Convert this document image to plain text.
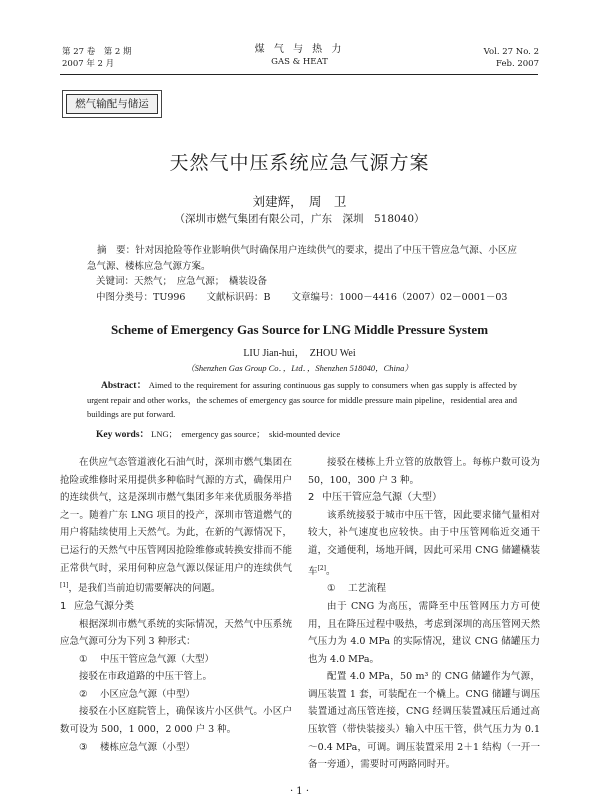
第 27 卷　第 2 期
2007 年 2 月
煤 气 与 热 力
GAS & HEAT
Vol. 27 No. 2
Feb. 2007
燃气输配与储运
天然气中压系统应急气源方案
刘建辉，　周　卫
（深圳市燃气集团有限公司，广东　深圳　518040）
摘　要：针对因抢险等作业影响供气时确保用户连续供气的要求，提出了中压干管应急气源、小区应急气源、楼栋应急气源方案。
关键词：天然气；　应急气源；　橇装设备
中图分类号：TU996 文献标识码：B 文章编号：1000－4416（2007）02－0001－03
Scheme of Emergency Gas Source for LNG Middle Pressure System
LIU Jian-hui，　ZHOU Wei
（Shenzhen Gas Group Co．，Ltd．，Shenzhen 518040，China）
Abstract： Aimed to the requirement for assuring continuous gas supply to consumers when gas supply is affected by urgent repair and other works，the schemes of emergency gas source for middle pressure main pipeline，residential area and buildings are put forward.
Key words： LNG；　emergency gas source；　skid-mounted device

在供应气态管道液化石油气时，深圳市燃气集团在抢险或维修时采用提供多种临时气源的方式，确保用户的连续供气，这是深圳市燃气集团多年来优质服务举措之一。随着广东 LNG 项目的投产，深圳市管道燃气的用户将陆续使用上天然气。为此，在新的气源情况下，已运行的天然气中压管网因抢险维修或转换安排而不能正常供气时，采用何种应急气源以保证用户的连续供气[1]，是我们当前迫切需要解决的问题。

1 应急气源分类

根据深圳市燃气系统的实际情况，天然气中压系统应急气源可分为下列 3 种形式：

① 中压干管应急气源（大型）

接驳在市政道路的中压干管上。

② 小区应急气源（中型）

接驳在小区庭院管上，确保该片小区供气。小区户数可设为 500，1 000，2 000 户 3 种。

③ 楼栋应急气源（小型）

接驳在楼栋上升立管的放散管上。每栋户数可设为 50，100，300 户 3 种。

2 中压干管应急气源（大型）

该系统接驳于城市中压干管，因此要求储气量相对较大，补气速度也应较快。由于中压管网临近交通干道，交通便利，场地开阔，因此可采用 CNG 储罐橇装车[2]。

① 工艺流程

由于 CNG 为高压，需降至中压管网压力方可使用，且在降压过程中吸热，考虑到深圳的高压管网天然气压力为 4.0 MPa 的实际情况，建议 CNG 储罐压力也为 4.0 MPa。

配置 4.0 MPa，50 m³ 的 CNG 储罐作为气源，调压装置 1 套，可装配在一个橇上。CNG 储罐与调压装置通过高压管连接，CNG 经调压装置减压后通过高压软管（带快装接头）输入中压干管，供气压力为 0.1～0.4 MPa，可调。调压装置采用 2＋1 结构（一开一备一旁通），需要时可两路同时开。

· 1 ·
